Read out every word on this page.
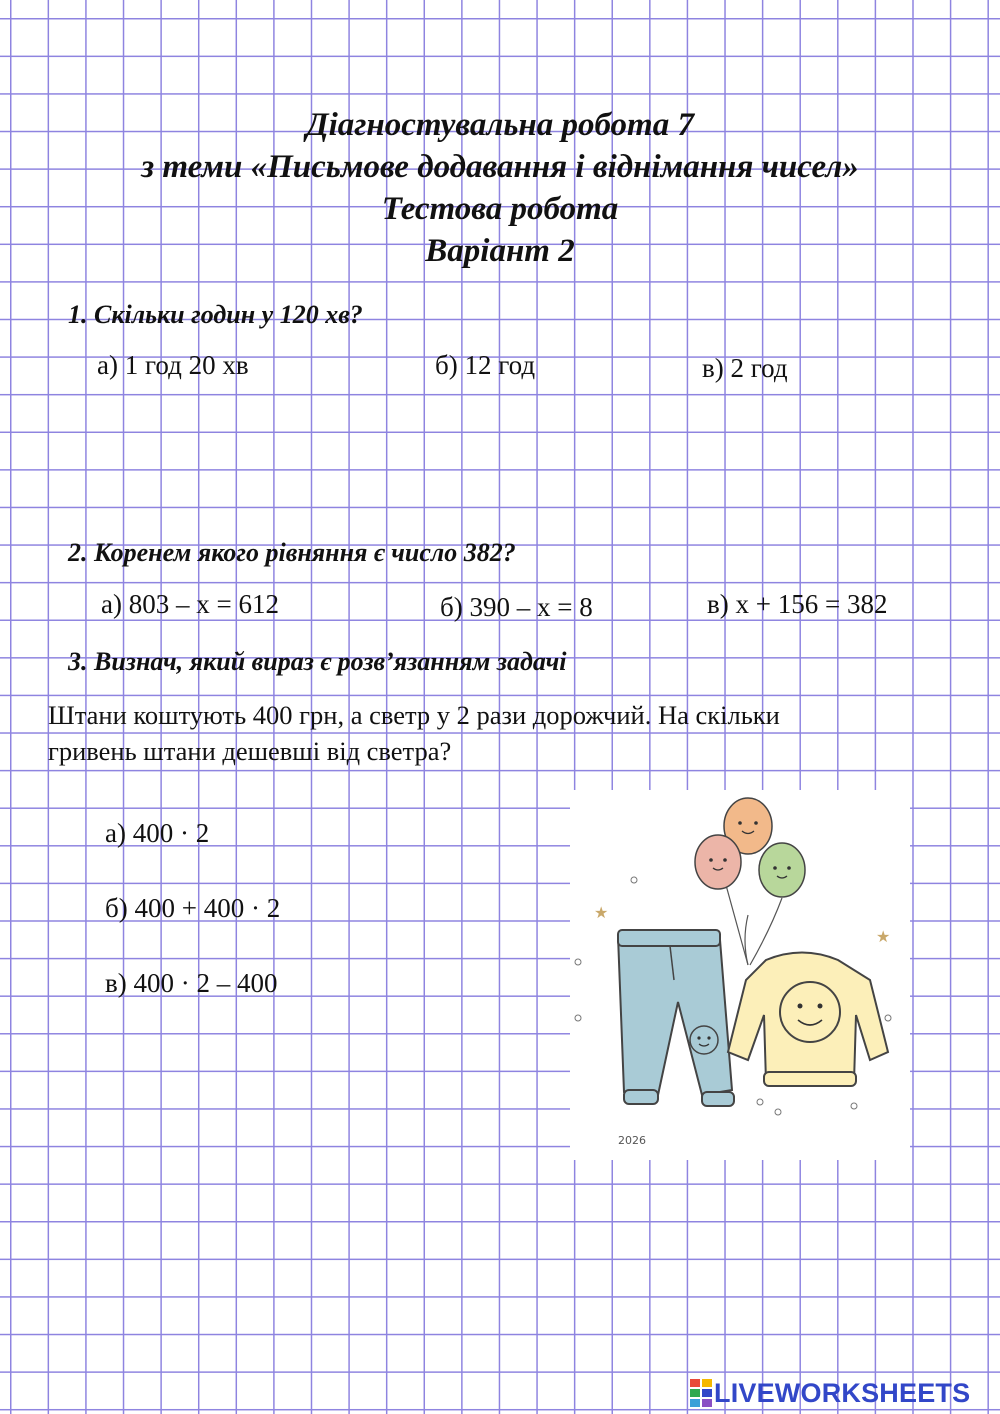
Діагностувальна робота 7
з теми «Письмове додавання і віднімання чисел»
Тестова робота
Варіант 2
1. Скільки годин у 120 хв?
а) 1 год 20 хв	б) 12 год	в) 2 год
2. Коренем якого рівняння є число 382?
а) 803 – х = 612	б) 390 – х = 8	в) х + 156 = 382
3. Визнач, який вираз є розв’язанням задачі
Штани коштують 400 грн, а светр у 2 рази дорожчий. На скільки
гривень штани дешевші від светра?
а) 400 · 2
б) 400 + 400 · 2
в) 400 · 2 – 400
2026
★
★
LIVEWORKSHEETS
